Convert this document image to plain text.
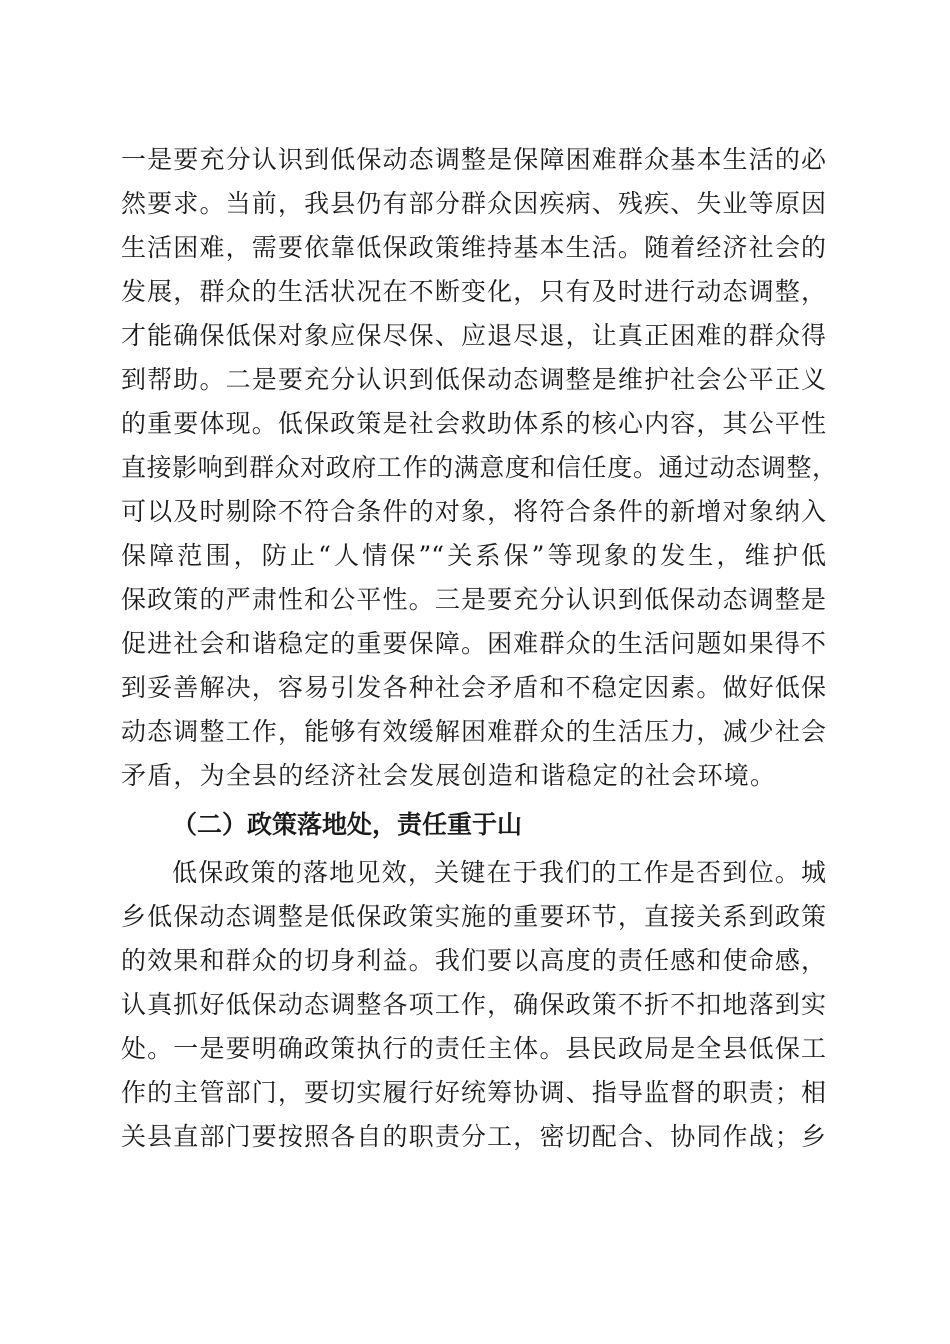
一是要充分认识到低保动态调整是保障困难群众基本生活的必
然要求。当前，我县仍有部分群众因疾病、残疾、失业等原因
生活困难，需要依靠低保政策维持基本生活。随着经济社会的
发展，群众的生活状况在不断变化，只有及时进行动态调整，
才能确保低保对象应保尽保、应退尽退，让真正困难的群众得
到帮助。二是要充分认识到低保动态调整是维护社会公平正义
的重要体现。低保政策是社会救助体系的核心内容，其公平性
直接影响到群众对政府工作的满意度和信任度。通过动态调整，
可以及时剔除不符合条件的对象，将符合条件的新增对象纳入
保障范围，防止“人情保”“关系保”等现象的发生，维护低
保政策的严肃性和公平性。三是要充分认识到低保动态调整是
促进社会和谐稳定的重要保障。困难群众的生活问题如果得不
到妥善解决，容易引发各种社会矛盾和不稳定因素。做好低保
动态调整工作，能够有效缓解困难群众的生活压力，减少社会
矛盾，为全县的经济社会发展创造和谐稳定的社会环境。
（二）政策落地处，责任重于山
低保政策的落地见效，关键在于我们的工作是否到位。城
乡低保动态调整是低保政策实施的重要环节，直接关系到政策
的效果和群众的切身利益。我们要以高度的责任感和使命感，
认真抓好低保动态调整各项工作，确保政策不折不扣地落到实
处。一是要明确政策执行的责任主体。县民政局是全县低保工
作的主管部门，要切实履行好统筹协调、指导监督的职责；相
关县直部门要按照各自的职责分工，密切配合、协同作战；乡
